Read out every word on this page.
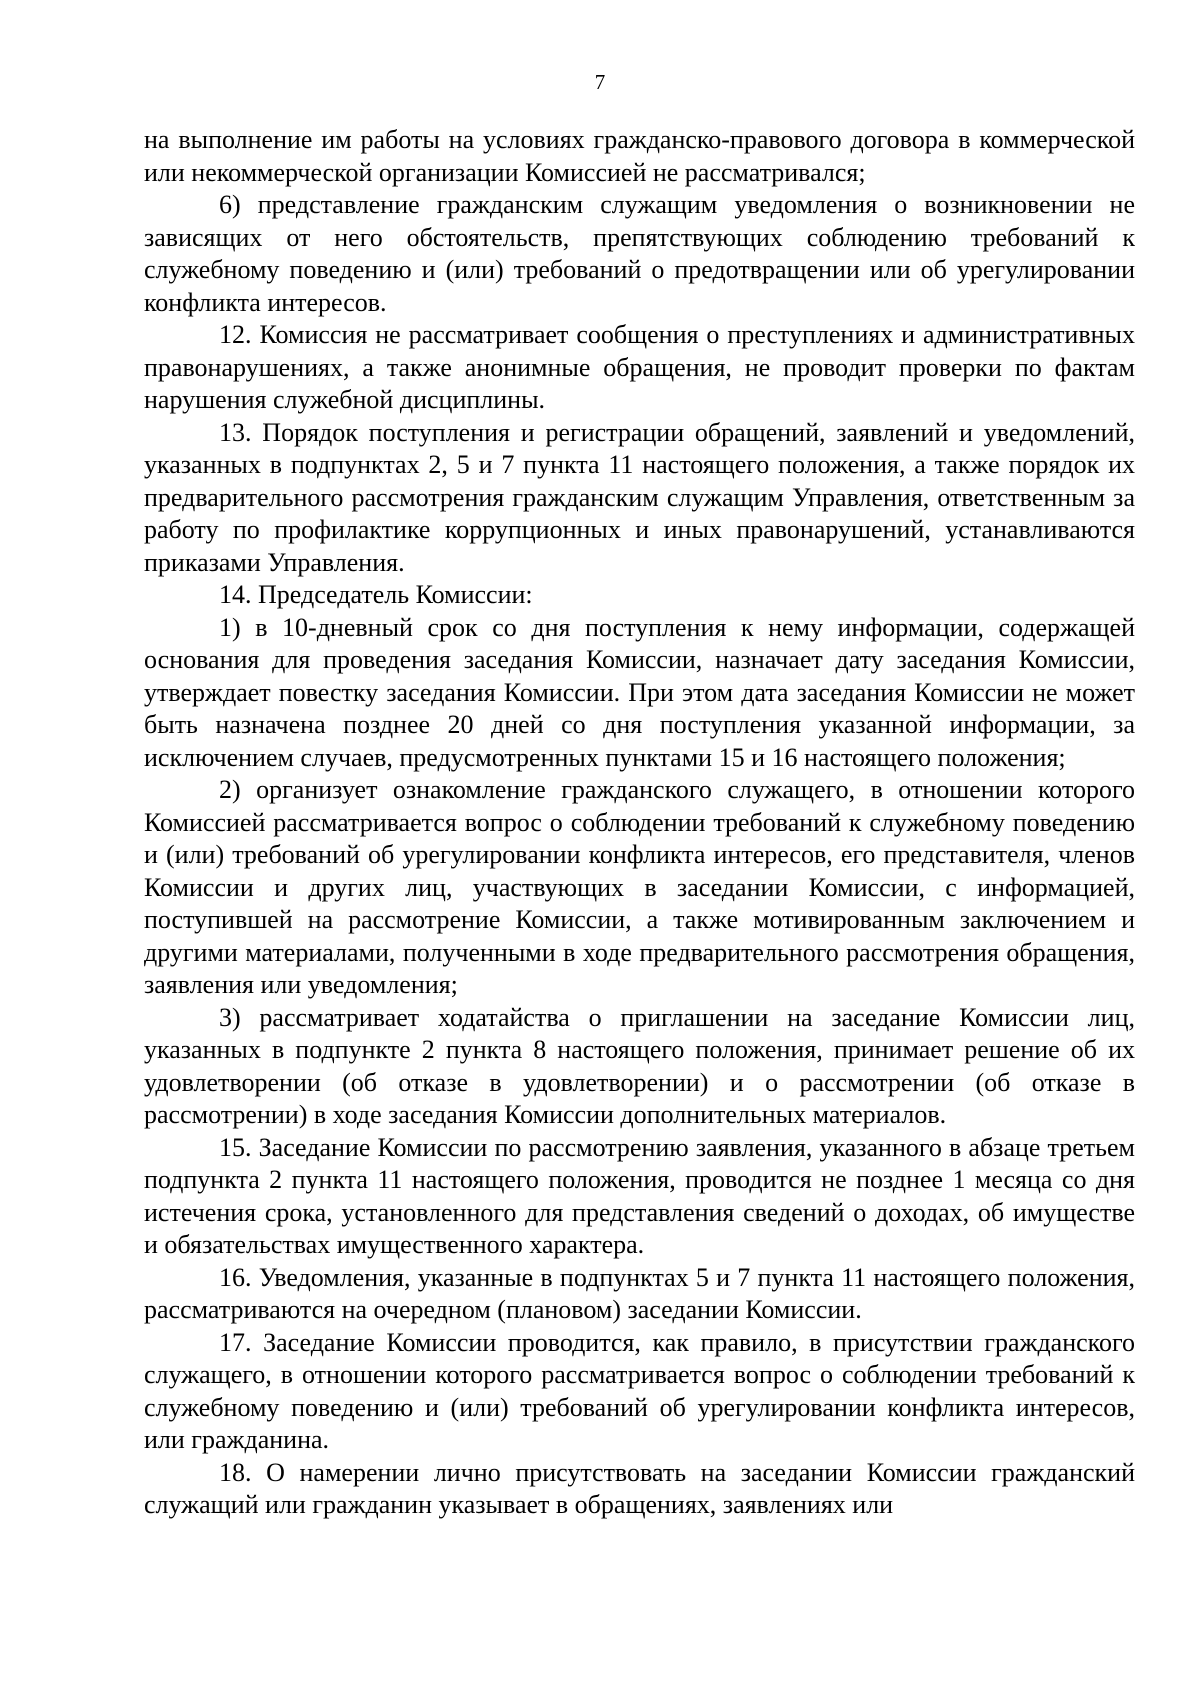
7

на выполнение им работы на условиях гражданско-правового договора в коммерческой или некоммерческой организации Комиссией не рассматривался;

6) представление гражданским служащим уведомления о возникновении не зависящих от него обстоятельств, препятствующих соблюдению требований к служебному поведению и (или) требований о предотвращении или об урегулировании конфликта интересов.

12. Комиссия не рассматривает сообщения о преступлениях и административных правонарушениях, а также анонимные обращения, не проводит проверки по фактам нарушения служебной дисциплины.

13. Порядок поступления и регистрации обращений, заявлений и уведомлений, указанных в подпунктах 2, 5 и 7 пункта 11 настоящего положения, а также порядок их предварительного рассмотрения гражданским служащим Управления, ответственным за работу по профилактике коррупционных и иных правонарушений, устанавливаются приказами Управления.

14. Председатель Комиссии:

1) в 10-дневный срок со дня поступления к нему информации, содержащей основания для проведения заседания Комиссии, назначает дату заседания Комиссии, утверждает повестку заседания Комиссии. При этом дата заседания Комиссии не может быть назначена позднее 20 дней со дня поступления указанной информации, за исключением случаев, предусмотренных пунктами 15 и 16 настоящего положения;

2) организует ознакомление гражданского служащего, в отношении которого Комиссией рассматривается вопрос о соблюдении требований к служебному поведению и (или) требований об урегулировании конфликта интересов, его представителя, членов Комиссии и других лиц, участвующих в заседании Комиссии, с информацией, поступившей на рассмотрение Комиссии, а также мотивированным заключением и другими материалами, полученными в ходе предварительного рассмотрения обращения, заявления или уведомления;

3) рассматривает ходатайства о приглашении на заседание Комиссии лиц, указанных в подпункте 2 пункта 8 настоящего положения, принимает решение об их удовлетворении (об отказе в удовлетворении) и о рассмотрении (об отказе в рассмотрении) в ходе заседания Комиссии дополнительных материалов.

15. Заседание Комиссии по рассмотрению заявления, указанного в абзаце третьем подпункта 2 пункта 11 настоящего положения, проводится не позднее 1 месяца со дня истечения срока, установленного для представления сведений о доходах, об имуществе и обязательствах имущественного характера.

16. Уведомления, указанные в подпунктах 5 и 7 пункта 11 настоящего положения, рассматриваются на очередном (плановом) заседании Комиссии.

17. Заседание Комиссии проводится, как правило, в присутствии гражданского служащего, в отношении которого рассматривается вопрос о соблюдении требований к служебному поведению и (или) требований об урегулировании конфликта интересов, или гражданина.

18. О намерении лично присутствовать на заседании Комиссии гражданский служащий или гражданин указывает в обращениях, заявлениях или
